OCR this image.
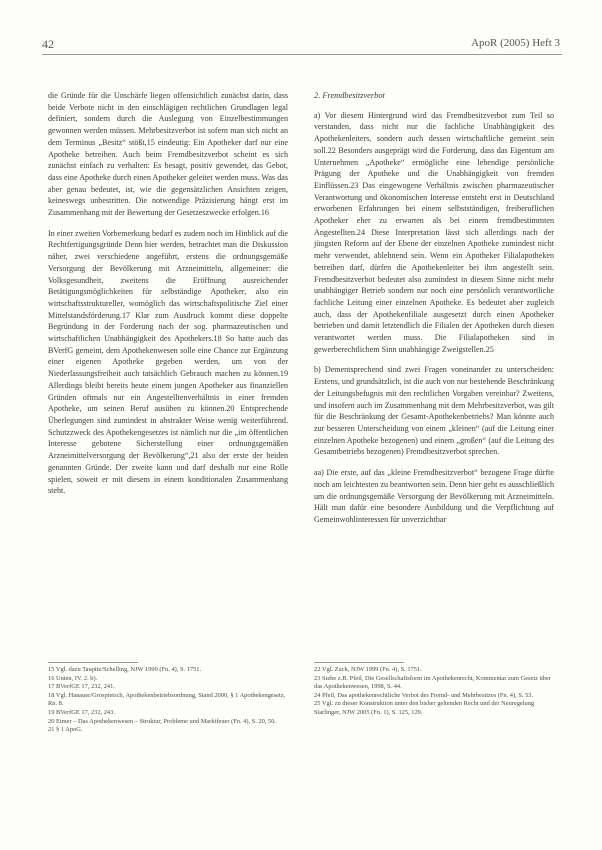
42	ApoR (2005) Heft 3

die Gründe für die Unschärfe liegen offensichtlich zunächst darin, dass beide Verbote nicht in den einschlägigen rechtlichen Grundlagen legal definiert, sondern durch die Auslegung von Einzelbestimmungen gewonnen werden müssen. Mehrbesitzverbot ist sofern man sich nicht an dem Terminus „Besitz“ stößt,15 eindeutig: Ein Apotheker darf nur eine Apotheke betreiben. Auch beim Fremdbesitzverbot scheint es sich zunächst einfach zu verhalten: Es besagt, positiv gewendet, das Gebot, dass eine Apotheke durch einen Apotheker geleitet werden muss. Was das aber genau bedeutet, ist, wie die gegensätzlichen Ansichten zeigen, keineswegs unbestritten. Die notwendige Präzisierung hängt erst im Zusammenhang mit der Bewertung der Gesetzeszwecke erfolgen.16

In einer zweiten Vorbemerkung bedarf es zudem noch im Hinblick auf die Rechtfertigungsgründe Denn hier werden, betrachtet man die Diskussion näher, zwei verschiedene angeführt, erstens die ordnungsgemäße Versorgung der Bevölkerung mit Arzneimitteln, allgemeiner: die Volksgesundheit, zweitens die Eröffnung ausreichender Betätigungsmöglichkeiten für selbständige Apotheker, also ein wirtschaftsstruktureller, womöglich das wirtschaftspolitische Ziel einer Mittelstandsförderung.17 Klar zum Ausdruck kommt diese doppelte Begründung in der Forderung nach der sog. pharmazeutischen und wirtschaftlichen Unabhängigkeit des Apothekers.18 So hatte auch das BVerfG gemeint, dem Apothekenwesen solle eine Chance zur Ergänzung einer eigenen Apotheke gegeben werden, um von der Niederlassungsfreiheit auch tatsächlich Gebrauch machen zu können.19 Allerdings bleibt bereits heute einem jungen Apotheker aus finanziellen Gründen oftmals nur ein Angestelltenverhältnis in einer fremden Apotheke, um seinen Beruf ausüben zu können.20 Entsprechende Überlegungen sind zumindest in abstrakter Weise wenig weiterführend. Schutzzweck des Apothekengesetzes ist nämlich nur die „im öffentlichen Interesse gebotene Sicherstellung einer ordnungsgemäßen Arzneimittelversorgung der Bevölkerung“,21 also der erste der beiden genannten Gründe. Der zweite kann und darf deshalb nur eine Rolle spielen, soweit er mit diesem in einem konditionalen Zusammenhang steht.

2. Fremdbesitzverbot

a) Vor diesem Hintergrund wird das Fremdbesitzverbot zum Teil so verstanden, dass nicht nur die fachliche Unabhängigkeit des Apothekenleiters, sondern auch dessen wirtschaftliche gemeint sein soll.22 Besonders ausgeprägt wird die Forderung, dass das Eigentum am Unternehmen „Apotheke“ ermögliche eine lebendige persönliche Prägung der Apotheke und die Unabhängigkeit von fremden Einflüssen.23 Das eingewogene Verhältnis zwischen pharmazeutischer Verantwortung und ökonomischen Interesse entsteht erst in Deutschland erworbenen Erfahrungen bei einem selbstständigen, freiberuflichen Apotheker eher zu erwarten als bei einem fremdbestimmten Angestellten.24 Diese Interpretation lässt sich allerdings nach der jüngsten Reform auf der Ebene der einzelnen Apotheke zumindest nicht mehr verwendet, ablehnend sein. Wenn ein Apotheker Filialapotheken betreiben darf, dürfen die Apothekenleiter bei ihm angestellt sein. Fremdbesitzverbot bedeutet also zumindest in diesem Sinne nicht mehr unabhängiger Betrieb sondern nur noch eine persönlich verantwortliche fachliche Leitung einer einzelnen Apotheke. Es bedeutet aber zugleich auch, dass der Apothekenfiliale ausgesetzt durch einen Apotheker betrieben und damit letztendlich die Filialen der Apotheken durch diesen verantwortet werden muss. Die Filialapotheken sind in gewerberechtlichem Sinn unabhängige Zweigstellen.25

b) Dementsprechend sind zwei Fragen voneinander zu unterscheiden: Erstens, und grundsätzlich, ist die auch von nur bestehende Beschränkung der Leitungsbefugnis mit den rechtlichen Vorgaben vereinbar? Zweitens, und insofern auch im Zusammenhang mit dem Mehrbesitzverbot, was gilt für die Beschränkung der Gesamt-Apothekenbetriebs? Man könnte auch zur besseren Unterscheidung von einem „kleinen“ (auf die Leitung einer einzelnen Apotheke bezogenen) und einem „großen“ (auf die Leitung des Gesamtbetriebs bezogenen) Fremdbesitzverbot sprechen.

aa) Die erste, auf das „kleine Fremdbesitzverbot“ bezogene Frage dürfte noch am leichtesten zu beantworten sein. Denn hier geht es ausschließlich um die ordnungsgemäße Versorgung der Bevölkerung mit Arzneimitteln. Hält man dafür eine besondere Ausbildung und die Verpflichtung auf Gemeinwohlinteressen für unverzichtbar

15 Vgl. dazu Taupitz/Schelling, NJW 1999 (Fn. 4), S. 1751.
16 Unten, IV. 2. b).
17 BVerfGE 17, 232, 241.
18 Vgl. Hanauer/Grospietsch, Apothekenbetriebsordnung, Stand 2000, § 1 Apothekengesetz, Rn. 8.
19 BVerfGE 17, 232, 243.
20 Etmer – Das Apothekenwesen – Struktur, Probleme und Marktfeuer (Fn. 4), S. 20, 50.
21 § 1 ApoG.
22 Vgl. Zuck, NJW 1999 (Fn. 4), S. 1751.
23 Siehe z.B. Pfeil, Die Gesellschaftsform im Apothekenrecht, Kommentar zum Gesetz über das Apothekenwesen, 1998, S. 44.
24 Pfeil, Das apothekenrechtliche Verbot des Fremd- und Mehrbesitzes (Fn. 4), S. 53.
25 Vgl. zu dieser Konstruktion unter den bisher geltenden Recht und der Neuregelung Starlinger, NJW 2005 (Fn. 1), S. 125, 129.
